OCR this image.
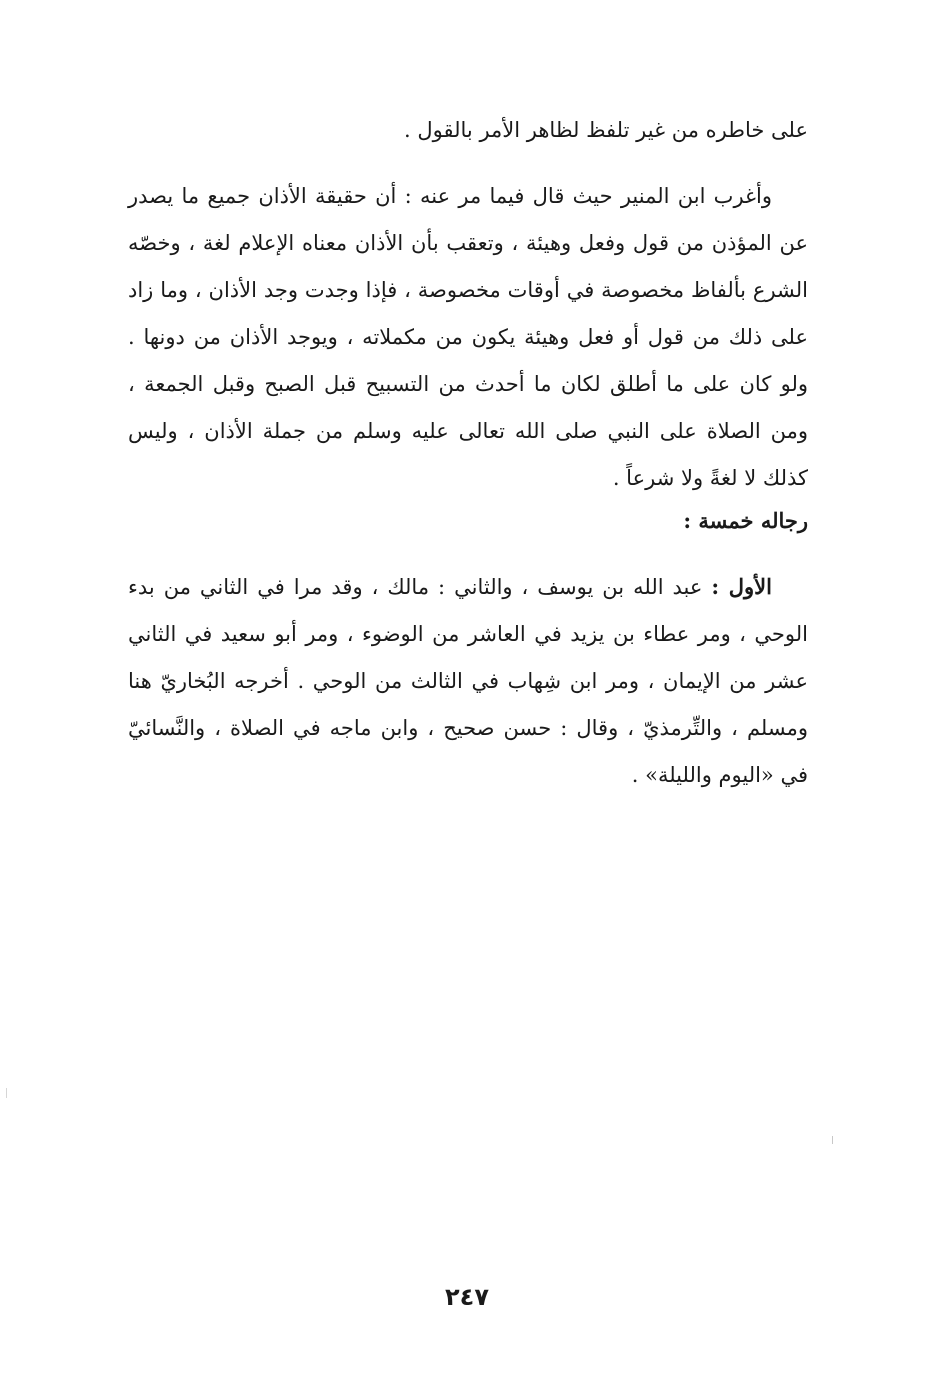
على خاطره من غير تلفظ لظاهر الأمر بالقول .
وأغرب ابن المنير حيث قال فيما مر عنه : أن حقيقة الأذان جميع ما يصدر عن المؤذن من قول وفعل وهيئة ، وتعقب بأن الأذان معناه الإعلام لغة ، وخصّه الشرع بألفاظ مخصوصة في أوقات مخصوصة ، فإذا وجدت وجد الأذان ، وما زاد على ذلك من قول أو فعل وهيئة يكون من مكملاته ، ويوجد الأذان من دونها . ولو كان على ما أطلق لكان ما أحدث من التسبيح قبل الصبح وقبل الجمعة ، ومن الصلاة على النبي صلى الله تعالى عليه وسلم من جملة الأذان ، وليس كذلك لا لغةً ولا شرعاً .
رجاله خمسة :
الأول : عبد الله بن يوسف ، والثاني : مالك ، وقد مرا في الثاني من بدء الوحي ، ومر عطاء بن يزيد في العاشر من الوضوء ، ومر أبو سعيد في الثاني عشر من الإيمان ، ومر ابن شِهاب في الثالث من الوحي . أخرجه البُخاريّ هنا ومسلم ، والتِّرمذيّ ، وقال : حسن صحيح ، وابن ماجه في الصلاة ، والنَّسائيّ في «اليوم والليلة» .
٢٤٧
